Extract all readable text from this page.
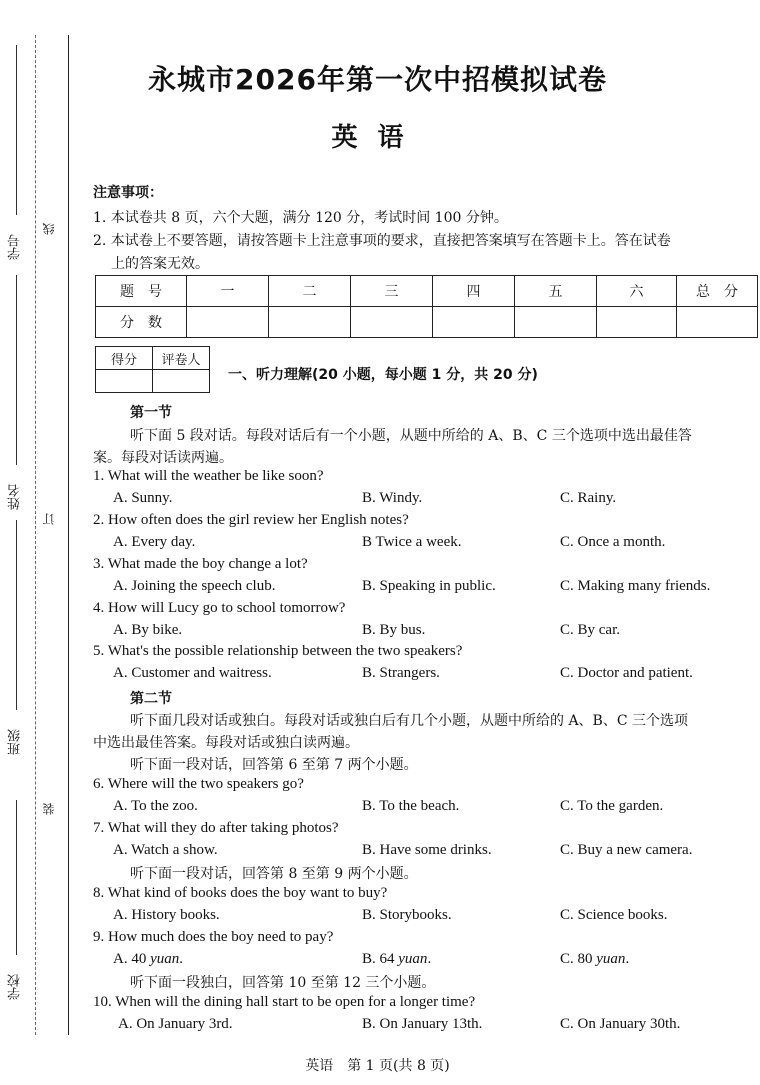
学号
姓名
班级
学校
线
订
装
永城市2026年第一次中招模拟试卷
英语
注意事项：
1. 本试卷共 8 页，六个大题，满分 120 分，考试时间 100 分钟。
2. 本试卷上不要答题，请按答题卡上注意事项的要求，直接把答案填写在答题卡上。答在试卷
上的答案无效。
题　号	一	二	三	四	五	六	总　分
分　数							
得分	评卷人

一、听力理解(20 小题，每小题 1 分，共 20 分)
第一节
听下面 5 段对话。每段对话后有一个小题，从题中所给的 A、B、C 三个选项中选出最佳答
案。每段对话读两遍。
1. What will the weather be like soon?
A. Sunny.	B. Windy.	C. Rainy.
2. How often does the girl review her English notes?
A. Every day.	B Twice a week.	C. Once a month.
3. What made the boy change a lot?
A. Joining the speech club.	B. Speaking in public.	C. Making many friends.
4. How will Lucy go to school tomorrow?
A. By bike.	B. By bus.	C. By car.
5. What's the possible relationship between the two speakers?
A. Customer and waitress.	B. Strangers.	C. Doctor and patient.
第二节
听下面几段对话或独白。每段对话或独白后有几个小题，从题中所给的 A、B、C 三个选项
中选出最佳答案。每段对话或独白读两遍。
听下面一段对话，回答第 6 至第 7 两个小题。
6. Where will the two speakers go?
A. To the zoo.	B. To the beach.	C. To the garden.
7. What will they do after taking photos?
A. Watch a show.	B. Have some drinks.	C. Buy a new camera.
听下面一段对话，回答第 8 至第 9 两个小题。
8. What kind of books does the boy want to buy?
A. History books.	B. Storybooks.	C. Science books.
9. How much does the boy need to pay?
A. 40 yuan.	B. 64 yuan.	C. 80 yuan.
听下面一段独白，回答第 10 至第 12 三个小题。
10. When will the dining hall start to be open for a longer time?
A. On January 3rd.	B. On January 13th.	C. On January 30th.
英语　第 1 页(共 8 页)
